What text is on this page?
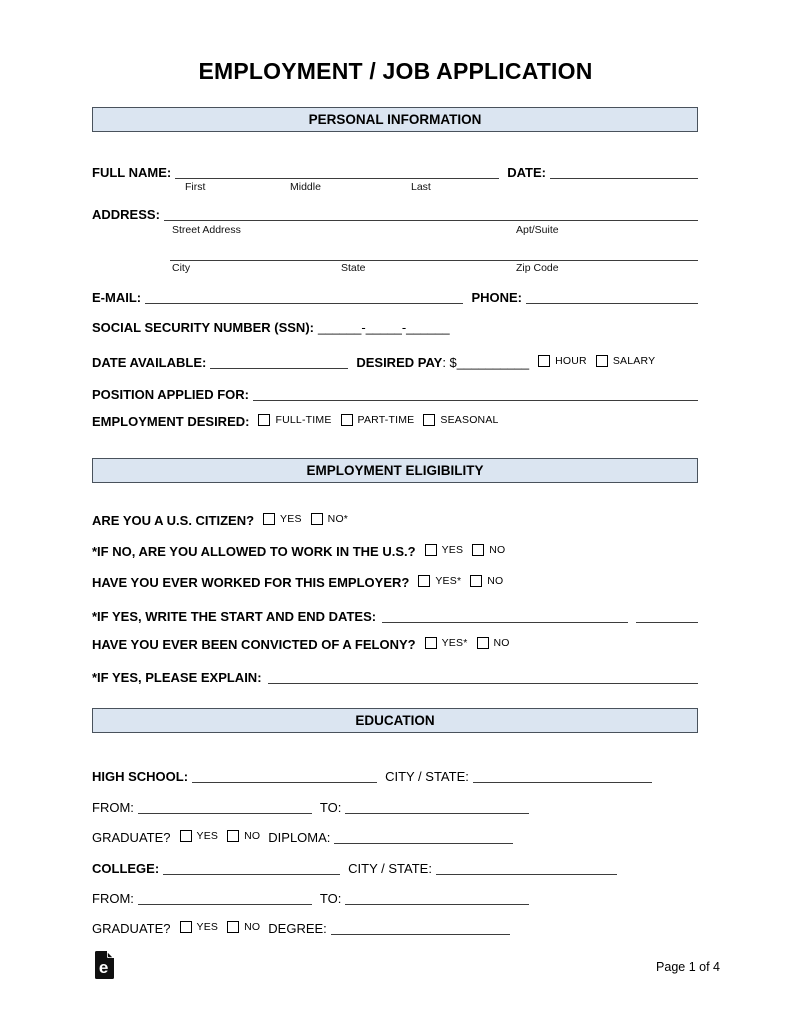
EMPLOYMENT / JOB APPLICATION
PERSONAL INFORMATION
FULL NAME:	DATE:
First	Middle	Last
ADDRESS:
Street Address	Apt/Suite
City	State	Zip Code
E-MAIL:	PHONE:
SOCIAL SECURITY NUMBER (SSN): ______-_____-______
DATE AVAILABLE:	DESIRED PAY : $ __________ HOUR SALARY
POSITION APPLIED FOR:
EMPLOYMENT DESIRED: FULL-TIME PART-TIME SEASONAL
EMPLOYMENT ELIGIBILITY
ARE YOU A U.S. CITIZEN? YES NO*
*IF NO, ARE YOU ALLOWED TO WORK IN THE U.S.? YES NO
HAVE YOU EVER WORKED FOR THIS EMPLOYER? YES* NO
*IF YES, WRITE THE START AND END DATES:
HAVE YOU EVER BEEN CONVICTED OF A FELONY? YES* NO
*IF YES, PLEASE EXPLAIN:
EDUCATION
HIGH SCHOOL:	CITY / STATE:
FROM:	TO:
GRADUATE? YES NO DIPLOMA:
COLLEGE:	CITY / STATE:
FROM:	TO:
GRADUATE? YES NO DEGREE:
e	Page 1 of 4
